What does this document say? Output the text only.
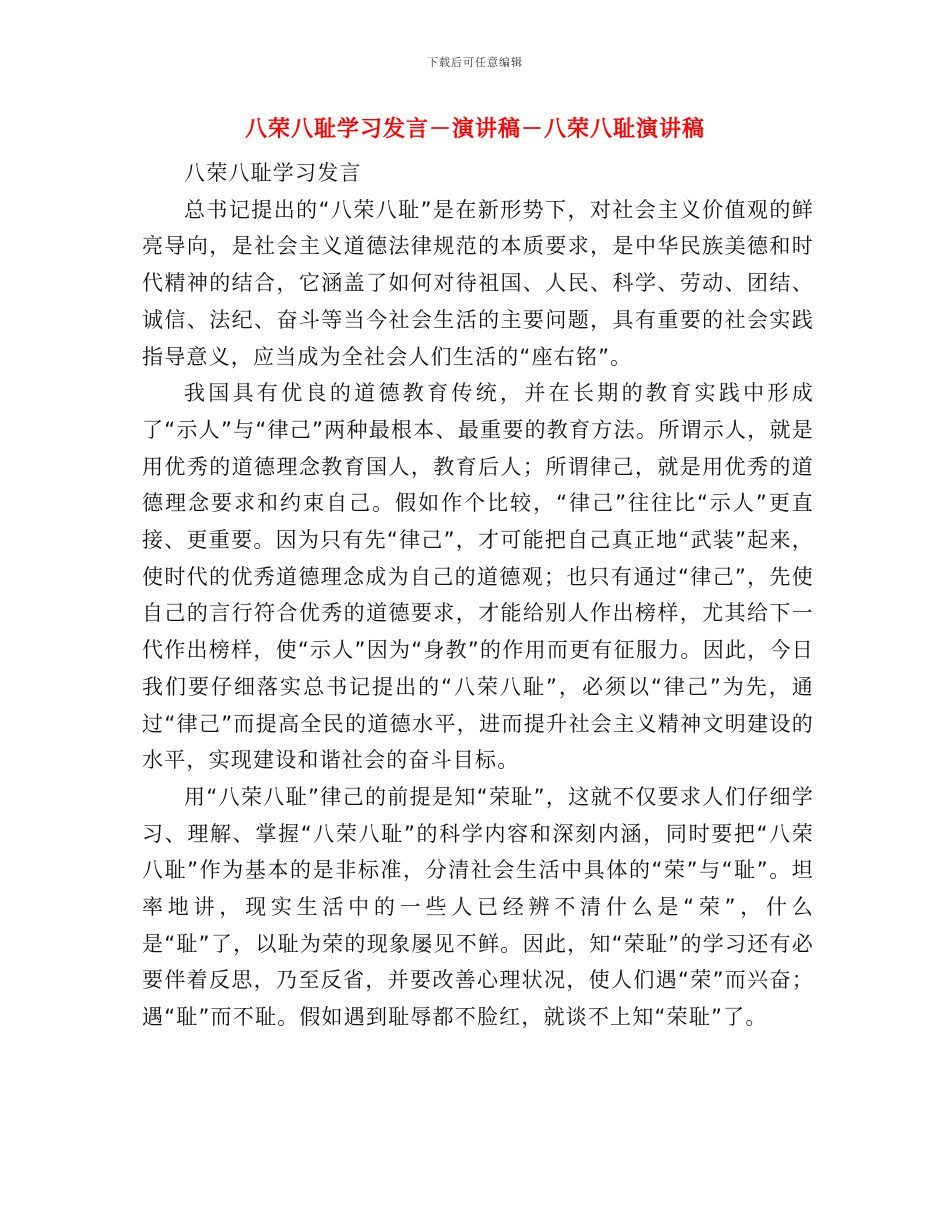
下载后可任意编辑
八荣八耻学习发言－演讲稿－八荣八耻演讲稿

八荣八耻学习发言

总书记提出的“八荣八耻”是在新形势下，对社会主义价值观的鲜亮导向，是社会主义道德法律规范的本质要求，是中华民族美德和时代精神的结合，它涵盖了如何对待祖国、人民、科学、劳动、团结、诚信、法纪、奋斗等当今社会生活的主要问题，具有重要的社会实践指导意义，应当成为全社会人们生活的“座右铭”。

我国具有优良的道德教育传统，并在长期的教育实践中形成了“示人”与“律己”两种最根本、最重要的教育方法。所谓示人，就是用优秀的道德理念教育国人，教育后人；所谓律己，就是用优秀的道德理念要求和约束自己。假如作个比较，“律己”往往比“示人”更直接、更重要。因为只有先“律己”，才可能把自己真正地“武装”起来，使时代的优秀道德理念成为自己的道德观；也只有通过“律己”，先使自己的言行符合优秀的道德要求，才能给别人作出榜样，尤其给下一代作出榜样，使“示人”因为“身教”的作用而更有征服力。因此，今日我们要仔细落实总书记提出的“八荣八耻”，必须以“律己”为先，通过“律己”而提高全民的道德水平，进而提升社会主义精神文明建设的水平，实现建设和谐社会的奋斗目标。

用“八荣八耻”律己的前提是知“荣耻”，这就不仅要求人们仔细学习、理解、掌握“八荣八耻”的科学内容和深刻内涵，同时要把“八荣八耻”作为基本的是非标准，分清社会生活中具体的“荣”与“耻”。坦率地讲，现实生活中的一些人已经辨不清什么是“荣”，什么是“耻”了，以耻为荣的现象屡见不鲜。因此，知“荣耻”的学习还有必要伴着反思，乃至反省，并要改善心理状况，使人们遇“荣”而兴奋；遇“耻”而不耻。假如遇到耻辱都不脸红，就谈不上知“荣耻”了。
